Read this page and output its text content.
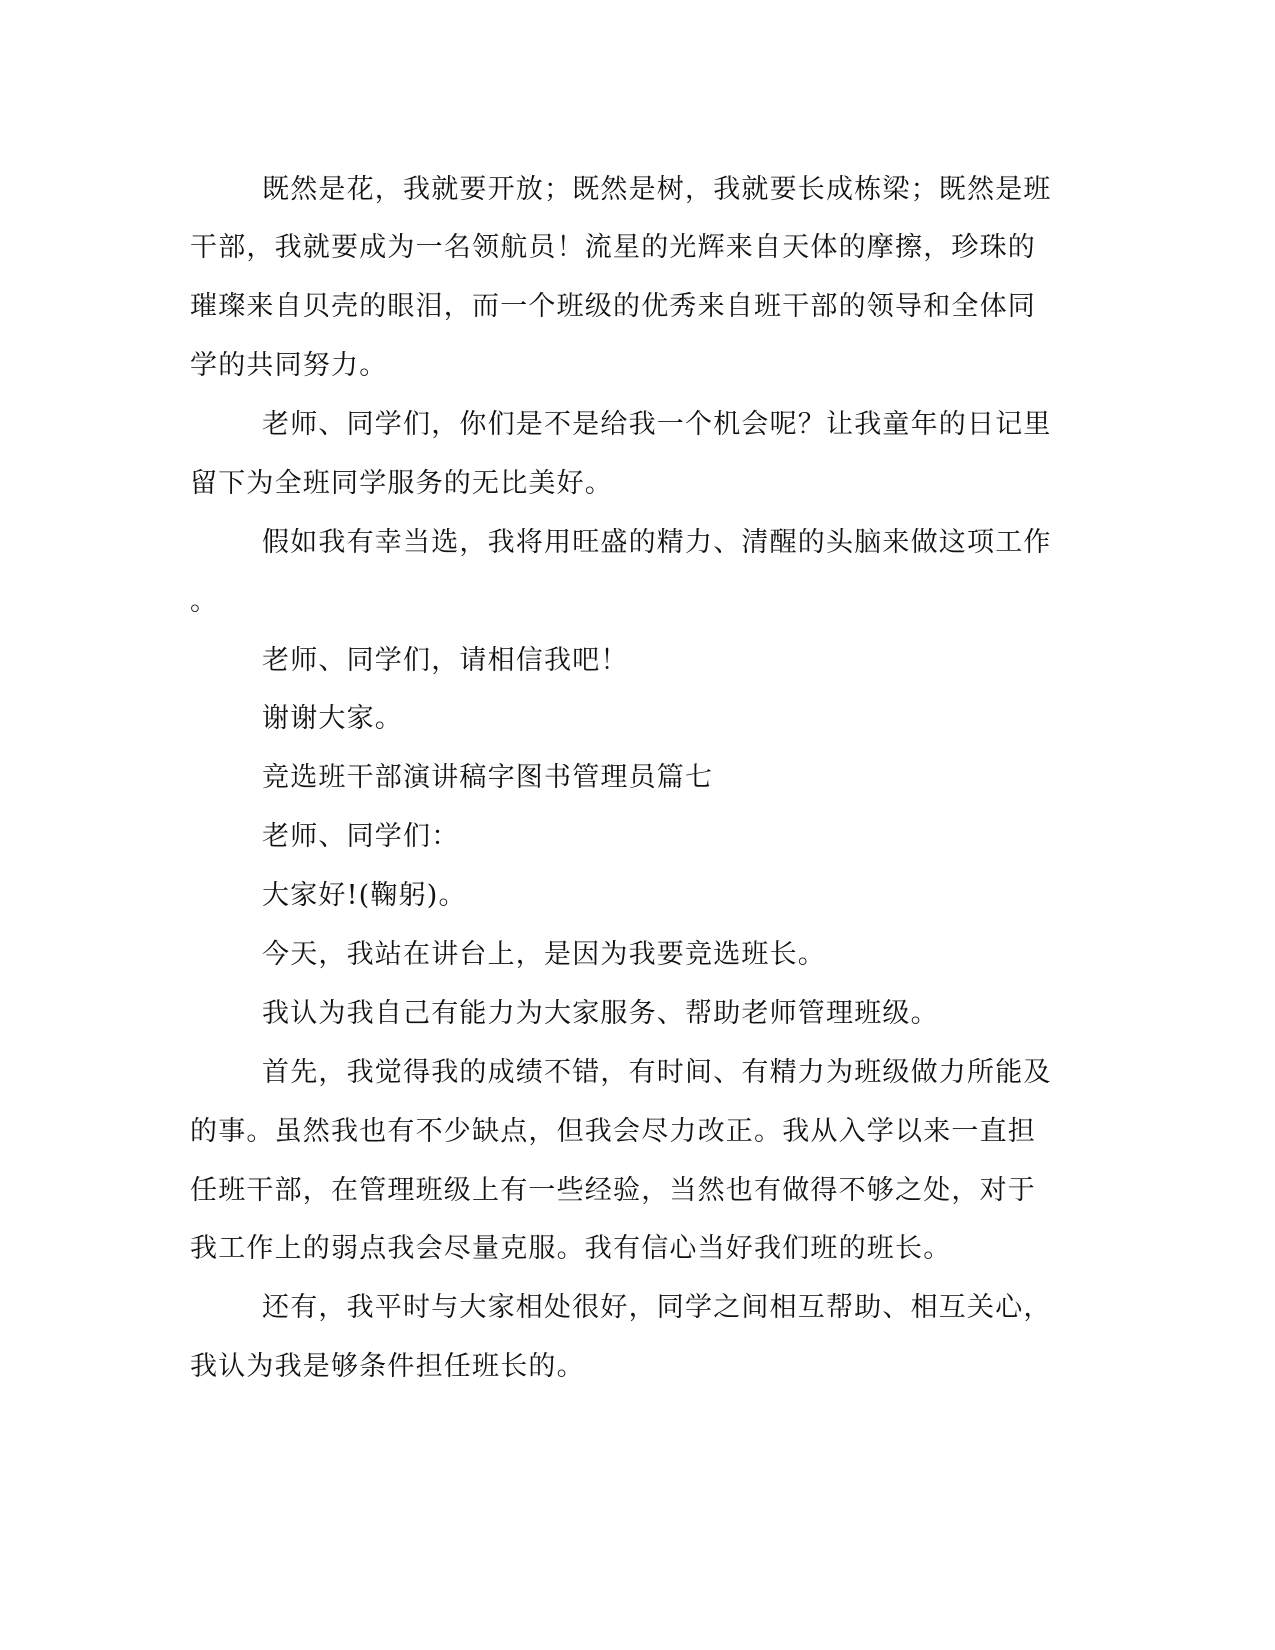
既然是花，我就要开放；既然是树，我就要长成栋梁；既然是班
干部，我就要成为一名领航员！流星的光辉来自天体的摩擦，珍珠的
璀璨来自贝壳的眼泪，而一个班级的优秀来自班干部的领导和全体同
学的共同努力。
老师、同学们，你们是不是给我一个机会呢？让我童年的日记里
留下为全班同学服务的无比美好。
假如我有幸当选，我将用旺盛的精力、清醒的头脑来做这项工作
。
老师、同学们，请相信我吧！
谢谢大家。
竞选班干部演讲稿字图书管理员篇七
老师、同学们：
大家好!(鞠躬)。
今天，我站在讲台上，是因为我要竞选班长。
我认为我自己有能力为大家服务、帮助老师管理班级。
首先，我觉得我的成绩不错，有时间、有精力为班级做力所能及
的事。虽然我也有不少缺点，但我会尽力改正。我从入学以来一直担
任班干部，在管理班级上有一些经验，当然也有做得不够之处，对于
我工作上的弱点我会尽量克服。我有信心当好我们班的班长。
还有，我平时与大家相处很好，同学之间相互帮助、相互关心，
我认为我是够条件担任班长的。
